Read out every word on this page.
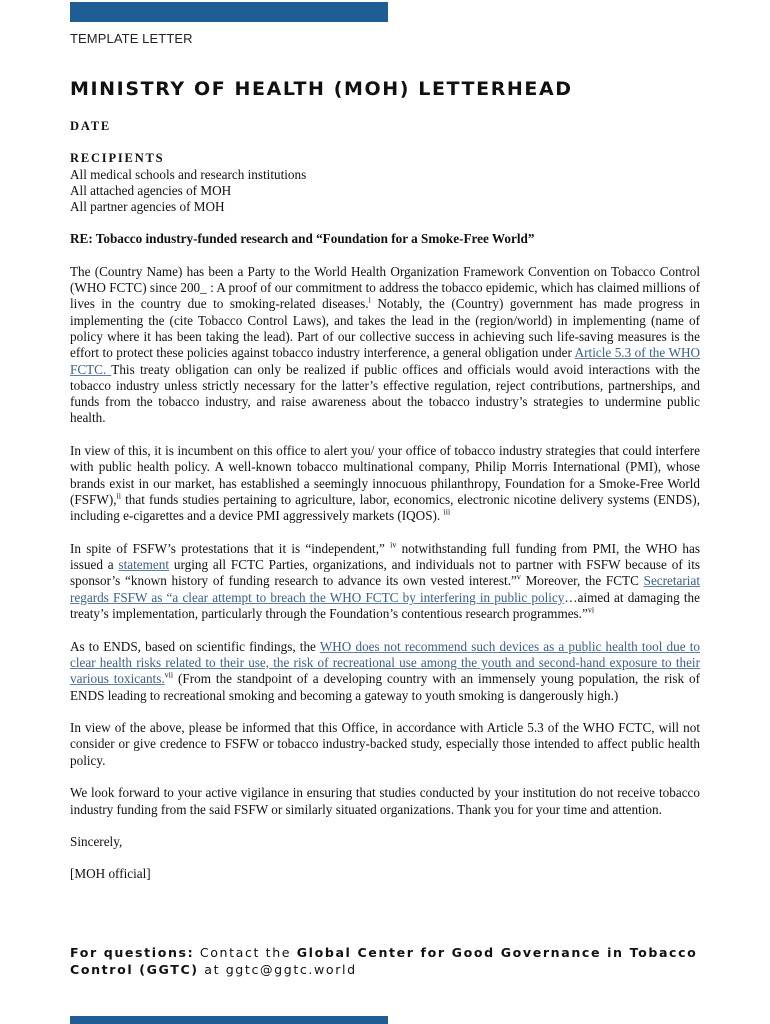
TEMPLATE LETTER
MINISTRY OF HEALTH (MOH) LETTERHEAD

DATE

RECIPIENTS

All medical schools and research institutions
All attached agencies of MOH
All partner agencies of MOH

RE: Tobacco industry-funded research and “Foundation for a Smoke-Free World”

The (Country Name) has been a Party to the World Health Organization Framework Convention on Tobacco Control (WHO FCTC) since 200_ : A proof of our commitment to address the tobacco epidemic, which has claimed millions of lives in the country due to smoking-related diseases.$^i$ Notably, the (Country) government has made progress in implementing the (cite Tobacco Control Laws), and takes the lead in the (region/world) in implementing (name of policy where it has been taking the lead). Part of our collective success in achieving such life-saving measures is the effort to protect these policies against tobacco industry interference, a general obligation under Article 5.3 of the WHO FCTC. This treaty obligation can only be realized if public offices and officials would avoid interactions with the tobacco industry unless strictly necessary for the latter’s effective regulation, reject contributions, partnerships, and funds from the tobacco industry, and raise awareness about the tobacco industry’s strategies to undermine public health.

In view of this, it is incumbent on this office to alert you/ your office of tobacco industry strategies that could interfere with public health policy. A well-known tobacco multinational company, Philip Morris International (PMI), whose brands exist in our market, has established a seemingly innocuous philanthropy, Foundation for a Smoke-Free World (FSFW),$^{ii}$ that funds studies pertaining to agriculture, labor, economics, electronic nicotine delivery systems (ENDS), including e-cigarettes and a device PMI aggressively markets (IQOS). $^{iii}$

In spite of FSFW’s protestations that it is “independent,” $^{iv}$ notwithstanding full funding from PMI, the WHO has issued a statement urging all FCTC Parties, organizations, and individuals not to partner with FSFW because of its sponsor’s “known history of funding research to advance its own vested interest.”$^v$ Moreover, the FCTC Secretariat regards FSFW as “a clear attempt to breach the WHO FCTC by interfering in public policy…aimed at damaging the treaty’s implementation, particularly through the Foundation’s contentious research programmes.”$^{vi}$

As to ENDS, based on scientific findings, the WHO does not recommend such devices as a public health tool due to clear health risks related to their use, the risk of recreational use among the youth and second-hand exposure to their various toxicants.$^{vii}$ (From the standpoint of a developing country with an immensely young population, the risk of ENDS leading to recreational smoking and becoming a gateway to youth smoking is dangerously high.)

In view of the above, please be informed that this Office, in accordance with Article 5.3 of the WHO FCTC, will not consider or give credence to FSFW or tobacco industry-backed study, especially those intended to affect public health policy.

We look forward to your active vigilance in ensuring that studies conducted by your institution do not receive tobacco industry funding from the said FSFW or similarly situated organizations. Thank you for your time and attention.

Sincerely,

[MOH official]

For questions: Contact the Global Center for Good Governance in Tobacco Control (GGTC) at ggtc@ggtc.world
